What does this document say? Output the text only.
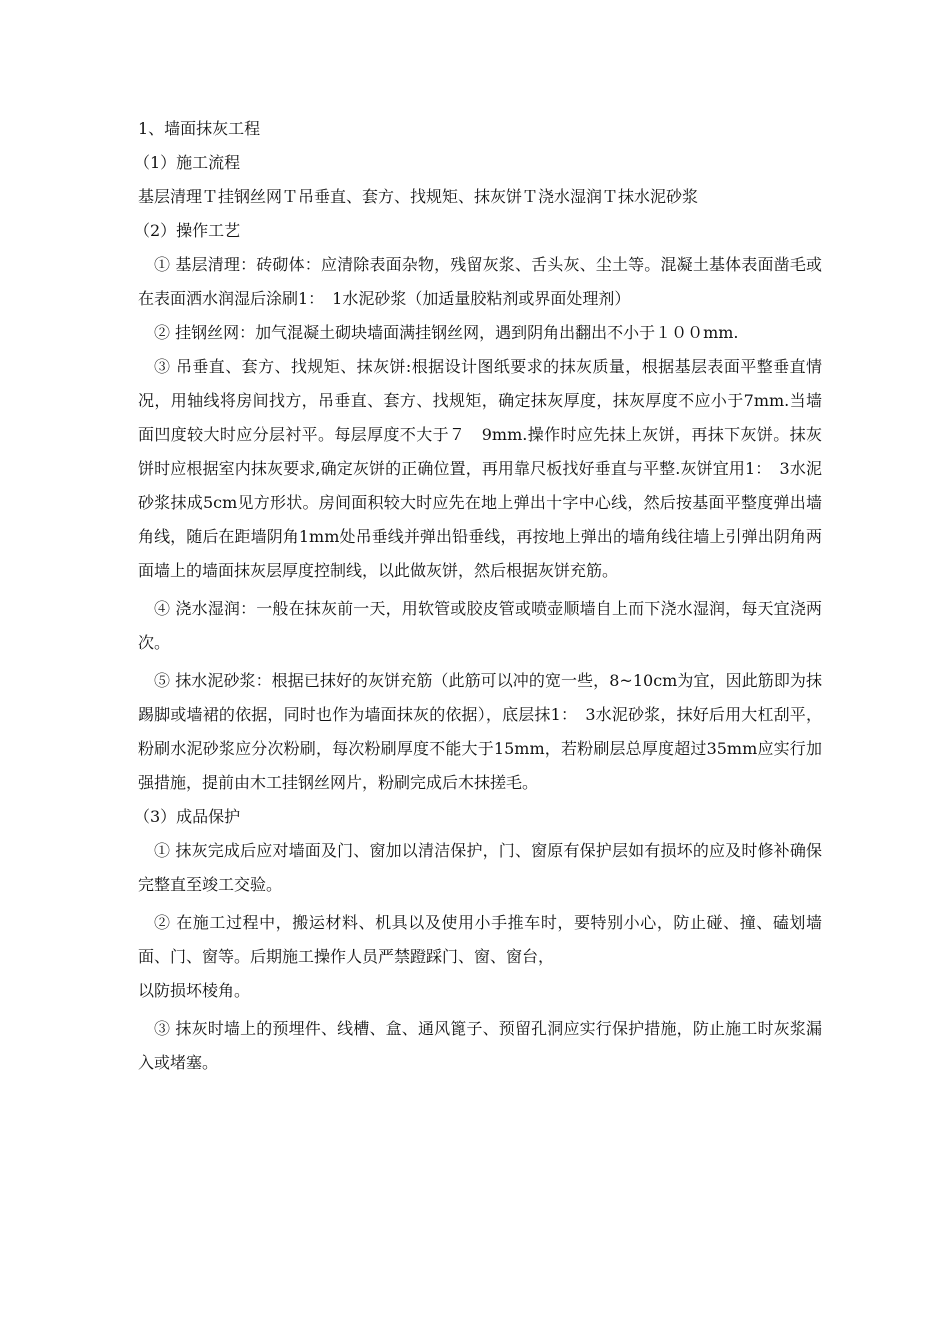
1、墙面抹灰工程
（1）施工流程
基层清理Ｔ挂钢丝网Ｔ吊垂直、套方、找规矩、抹灰饼Ｔ浇水湿润Ｔ抹水泥砂浆
（2）操作工艺
① 基层清理：砖砌体：应清除表面杂物，残留灰浆、舌头灰、尘土等。混凝土基体表面凿毛或在表面洒水润湿后涂刷1：　1水泥砂浆（加适量胶粘剂或界面处理剂）
② 挂钢丝网：加气混凝土砌块墙面满挂钢丝网，遇到阴角出翻出不小于１００mm.
③ 吊垂直、套方、找规矩、抹灰饼:根据设计图纸要求的抹灰质量，根据基层表面平整垂直情况，用轴线将房间找方，吊垂直、套方、找规矩，确定抹灰厚度，抹灰厚度不应小于7mm.当墙面凹度较大时应分层衬平。每层厚度不大于７　9mm.操作时应先抹上灰饼，再抹下灰饼。抹灰饼时应根据室内抹灰要求,确定灰饼的正确位置，再用靠尺板找好垂直与平整.灰饼宜用1：　3水泥砂浆抹成5cm见方形状。房间面积较大时应先在地上弹出十字中心线，然后按基面平整度弹出墙角线，随后在距墙阴角1mm处吊垂线并弹出铅垂线，再按地上弹出的墙角线往墙上引弹出阴角两面墙上的墙面抹灰层厚度控制线，以此做灰饼，然后根据灰饼充筋。
④ 浇水湿润：一般在抹灰前一天，用软管或胶皮管或喷壶顺墙自上而下浇水湿润，每天宜浇两次。
⑤ 抹水泥砂浆：根据已抹好的灰饼充筋（此筋可以冲的宽一些，8~10cm为宜，因此筋即为抹踢脚或墙裙的依据，同时也作为墙面抹灰的依据），底层抹1：　3水泥砂浆，抹好后用大杠刮平，粉刷水泥砂浆应分次粉刷，每次粉刷厚度不能大于15mm，若粉刷层总厚度超过35mm应实行加强措施，提前由木工挂钢丝网片，粉刷完成后木抹搓毛。
（3）成品保护
① 抹灰完成后应对墙面及门、窗加以清洁保护，门、窗原有保护层如有损坏的应及时修补确保完整直至竣工交验。
② 在施工过程中，搬运材料、机具以及使用小手推车时，要特别小心，防止碰、撞、磕划墙面、门、窗等。后期施工操作人员严禁蹬踩门、窗、窗台，
以防损坏棱角。
③ 抹灰时墙上的预埋件、线槽、盒、通风篦子、预留孔洞应实行保护措施，防止施工时灰浆漏入或堵塞。
